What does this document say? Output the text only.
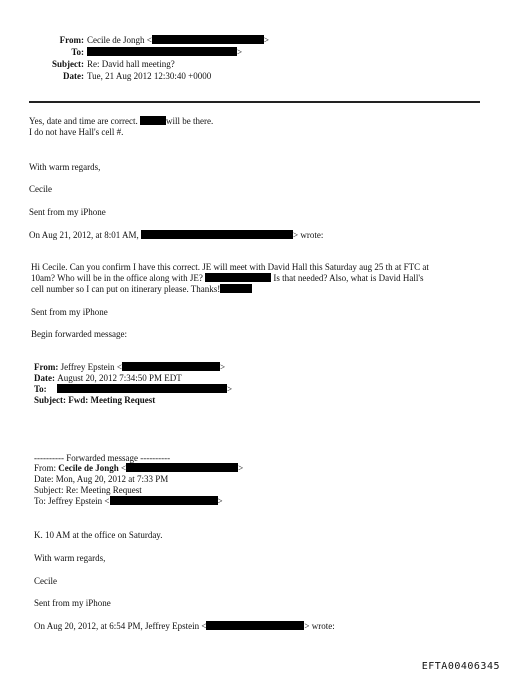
From: Cecile de Jongh <	>
To:	>
Subject: Re: David hall meeting?
Date: Tue, 21 Aug 2012 12:30:40 +0000
Yes, date and time are correct.	will be there.
I do not have Hall's cell #.
With warm regards,
Cecile
Sent from my iPhone
On Aug 21, 2012, at 8:01 AM,	> wrote:
Hi Cecile. Can you confirm I have this correct. JE will meet with David Hall this Saturday aug 25 th at FTC at
10am? Who will be in the office along with JE?	Is that needed? Also, what is David Hall's
cell number so I can put on itinerary please. Thanks!
Sent from my iPhone
Begin forwarded message:
From: Jeffrey Epstein <	>
Date: August 20, 2012 7:34:50 PM EDT
To:	>
Subject: Fwd: Meeting Request
---------- Forwarded message ----------
From: Cecile de Jongh <	>
Date: Mon, Aug 20, 2012 at 7:33 PM
Subject: Re: Meeting Request
To: Jeffrey Epstein <	>
K. 10 AM at the office on Saturday.
With warm regards,
Cecile
Sent from my iPhone
On Aug 20, 2012, at 6:54 PM, Jeffrey Epstein <	> wrote:
EFTA00406345
